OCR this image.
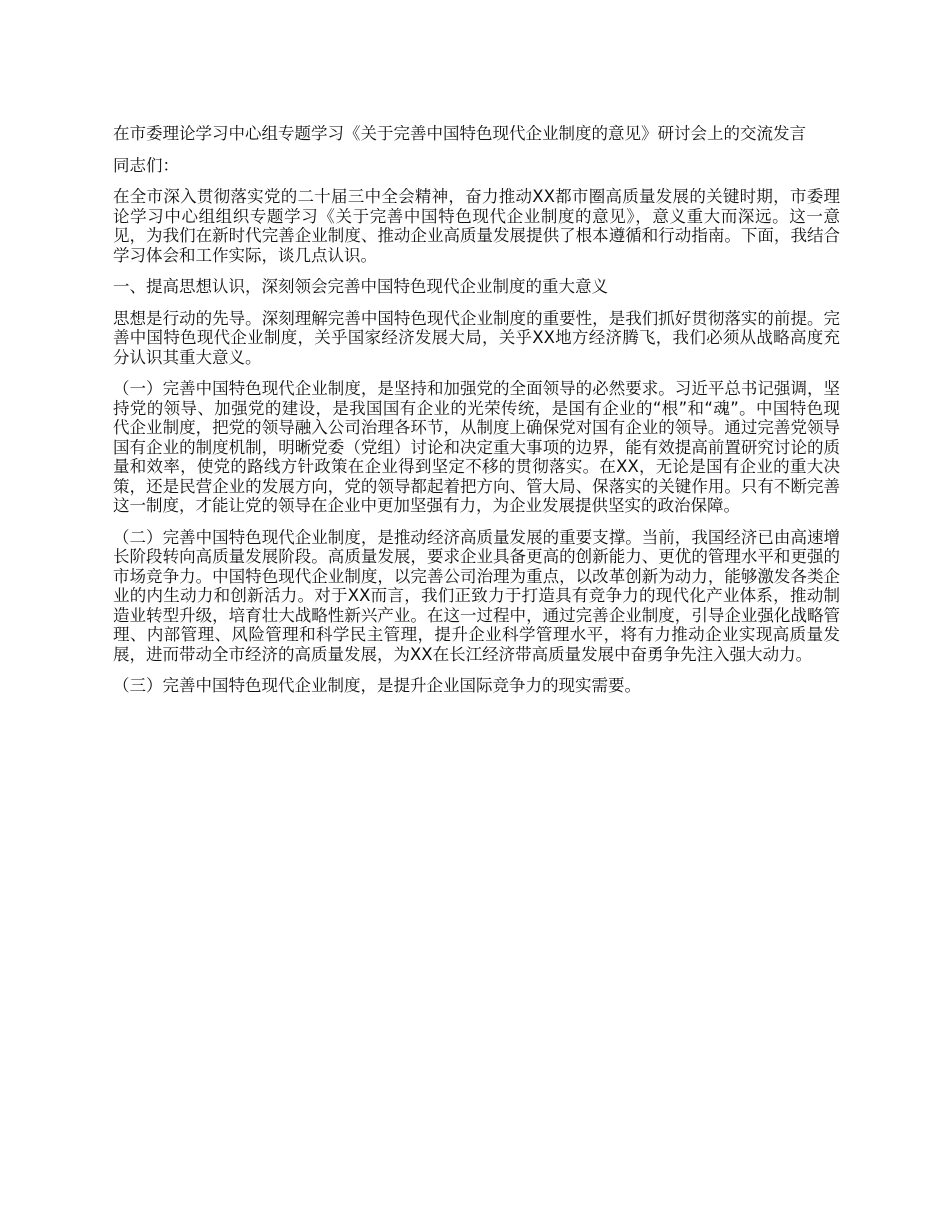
在市委理论学习中心组专题学习《关于完善中国特色现代企业制度的意见》研讨会上的交流发言
同志们：
在全市深入贯彻落实党的二十届三中全会精神，奋力推动XX都市圈高质量发展的关键时期，市委理论学习中心组组织专题学习《关于完善中国特色现代企业制度的意见》，意义重大而深远。这一意见，为我们在新时代完善企业制度、推动企业高质量发展提供了根本遵循和行动指南。下面，我结合学习体会和工作实际，谈几点认识。
一、提高思想认识，深刻领会完善中国特色现代企业制度的重大意义
思想是行动的先导。深刻理解完善中国特色现代企业制度的重要性，是我们抓好贯彻落实的前提。完善中国特色现代企业制度，关乎国家经济发展大局，关乎XX地方经济腾飞，我们必须从战略高度充分认识其重大意义。
（一）完善中国特色现代企业制度，是坚持和加强党的全面领导的必然要求。习近平总书记强调，坚持党的领导、加强党的建设，是我国国有企业的光荣传统，是国有企业的“根”和“魂”。中国特色现代企业制度，把党的领导融入公司治理各环节，从制度上确保党对国有企业的领导。通过完善党领导国有企业的制度机制，明晰党委（党组）讨论和决定重大事项的边界，能有效提高前置研究讨论的质量和效率，使党的路线方针政策在企业得到坚定不移的贯彻落实。在XX，无论是国有企业的重大决策，还是民营企业的发展方向，党的领导都起着把方向、管大局、保落实的关键作用。只有不断完善这一制度，才能让党的领导在企业中更加坚强有力，为企业发展提供坚实的政治保障。
（二）完善中国特色现代企业制度，是推动经济高质量发展的重要支撑。当前，我国经济已由高速增长阶段转向高质量发展阶段。高质量发展，要求企业具备更高的创新能力、更优的管理水平和更强的市场竞争力。中国特色现代企业制度，以完善公司治理为重点，以改革创新为动力，能够激发各类企业的内生动力和创新活力。对于XX而言，我们正致力于打造具有竞争力的现代化产业体系，推动制造业转型升级，培育壮大战略性新兴产业。在这一过程中，通过完善企业制度，引导企业强化战略管理、内部管理、风险管理和科学民主管理，提升企业科学管理水平，将有力推动企业实现高质量发展，进而带动全市经济的高质量发展，为XX在长江经济带高质量发展中奋勇争先注入强大动力。
（三）完善中国特色现代企业制度，是提升企业国际竞争力的现实需要。
